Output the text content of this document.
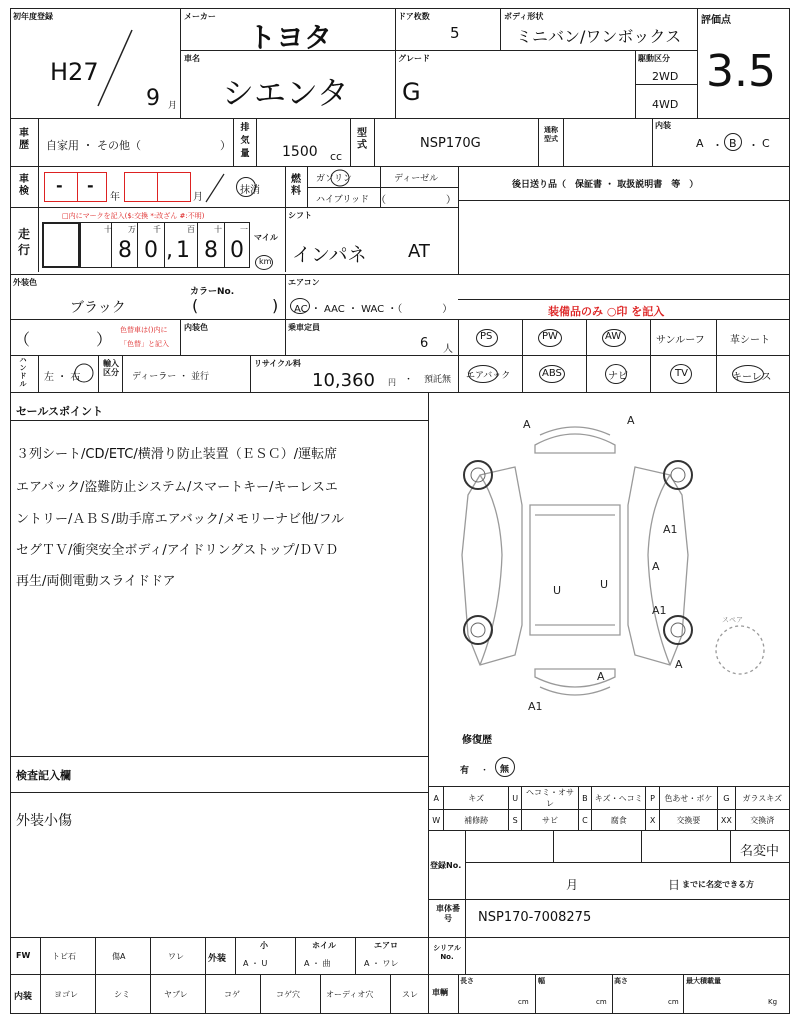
初年度登録
H27
9 月
メーカー
トヨタ
ドア枚数
5
ボディ形状
ミニバン/ワンボックス
評価点
3.5
車名
シエンタ
グレード
G
駆動区分
2WD
4WD
車歴 自家用 ・ その他（	）
排気量 1500 cc
型式	NSP170G
通称型式
内装
A ・ B ・ C
車検 - -
年	月
抹消
燃料
ガソリン	ディーゼル
ハイブリッド （	）
後日送り品（　保証書 ・ 取扱説明書　等　）
走行
□内にマークを記入($:交換 *:改ざん #:不明)
十 万 千	百 十 一
8 0 , 1 8 0
マイル
km
シフト
インパネ AT
外装色
ブラック
カラーNo.
(	)
エアコン
AC ・ AAC ・ WAC ・（　　　　）	装備品のみ ○印 を記入
（	） 色替車は()内に
「色替」と記入
内装色	乗車定員
6 人
PS	PW	AW	サンルーフ	革シート
エアバック	ABS	ナビ	TV	キーレス
ハンドル
左 ・ 右
輸入区分 ディーラー ・ 並行
リサイクル料
10,360 円 ・ 預託無
セールスポイント
３列シート/CD/ETC/横滑り防止装置（ＥＳＣ）/運転席
エアバック/盗難防止システム/スマートキー/キーレスエ
ントリー/ＡＢＳ/助手席エアバック/メモリーナビ他/フル
セグＴＶ/衝突安全ボディ/アイドリングストップ/ＤＶＤ
再生/両側電動スライドドア
A	A
A1
A
U	U
A1
A
A
A1
スペア
修復歴
有 ・ 無
A	キズ	U	ヘコミ・オサレ	B	キズ・ヘコミ	P	色あせ・ボケ	G	ガラスキズ
W	補修跡	S	サビ	C	腐食	X	交換要	XX	交換済
検査記入欄
外装小傷
登録No.
名変中
月	日 までに名変できる方
車体番号	NSP170-7008275
シリアルNo.
車輌
長さ
cm
幅
cm
高さ
cm
最大積載量
Kg
FW	トビ石	傷A	ワレ	外装
小
A ・ U
ホイル
A ・ 曲
エアロ
A ・ ワレ
内装	ヨゴレ	シミ	ヤブレ	コゲ	コゲ穴	オーディオ穴	スレ
